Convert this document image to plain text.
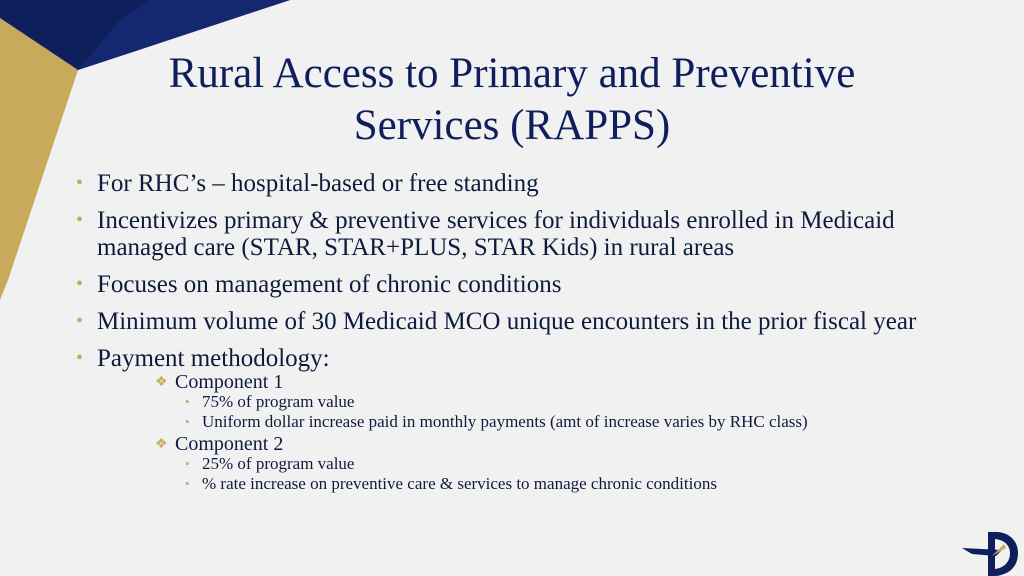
Rural Access to Primary and Preventive
Services (RAPPS)
• For RHC’s – hospital-based or free standing
• Incentivizes primary & preventive services for individuals enrolled in Medicaid managed care (STAR, STAR+PLUS, STAR Kids) in rural areas
• Focuses on management of chronic conditions
• Minimum volume of 30 Medicaid MCO unique encounters in the prior fiscal year
• Payment methodology:
❖ Component 1
• 75% of program value
• Uniform dollar increase paid in monthly payments (amt of increase varies by RHC class)
❖ Component 2
• 25% of program value
• % rate increase on preventive care & services to manage chronic conditions
